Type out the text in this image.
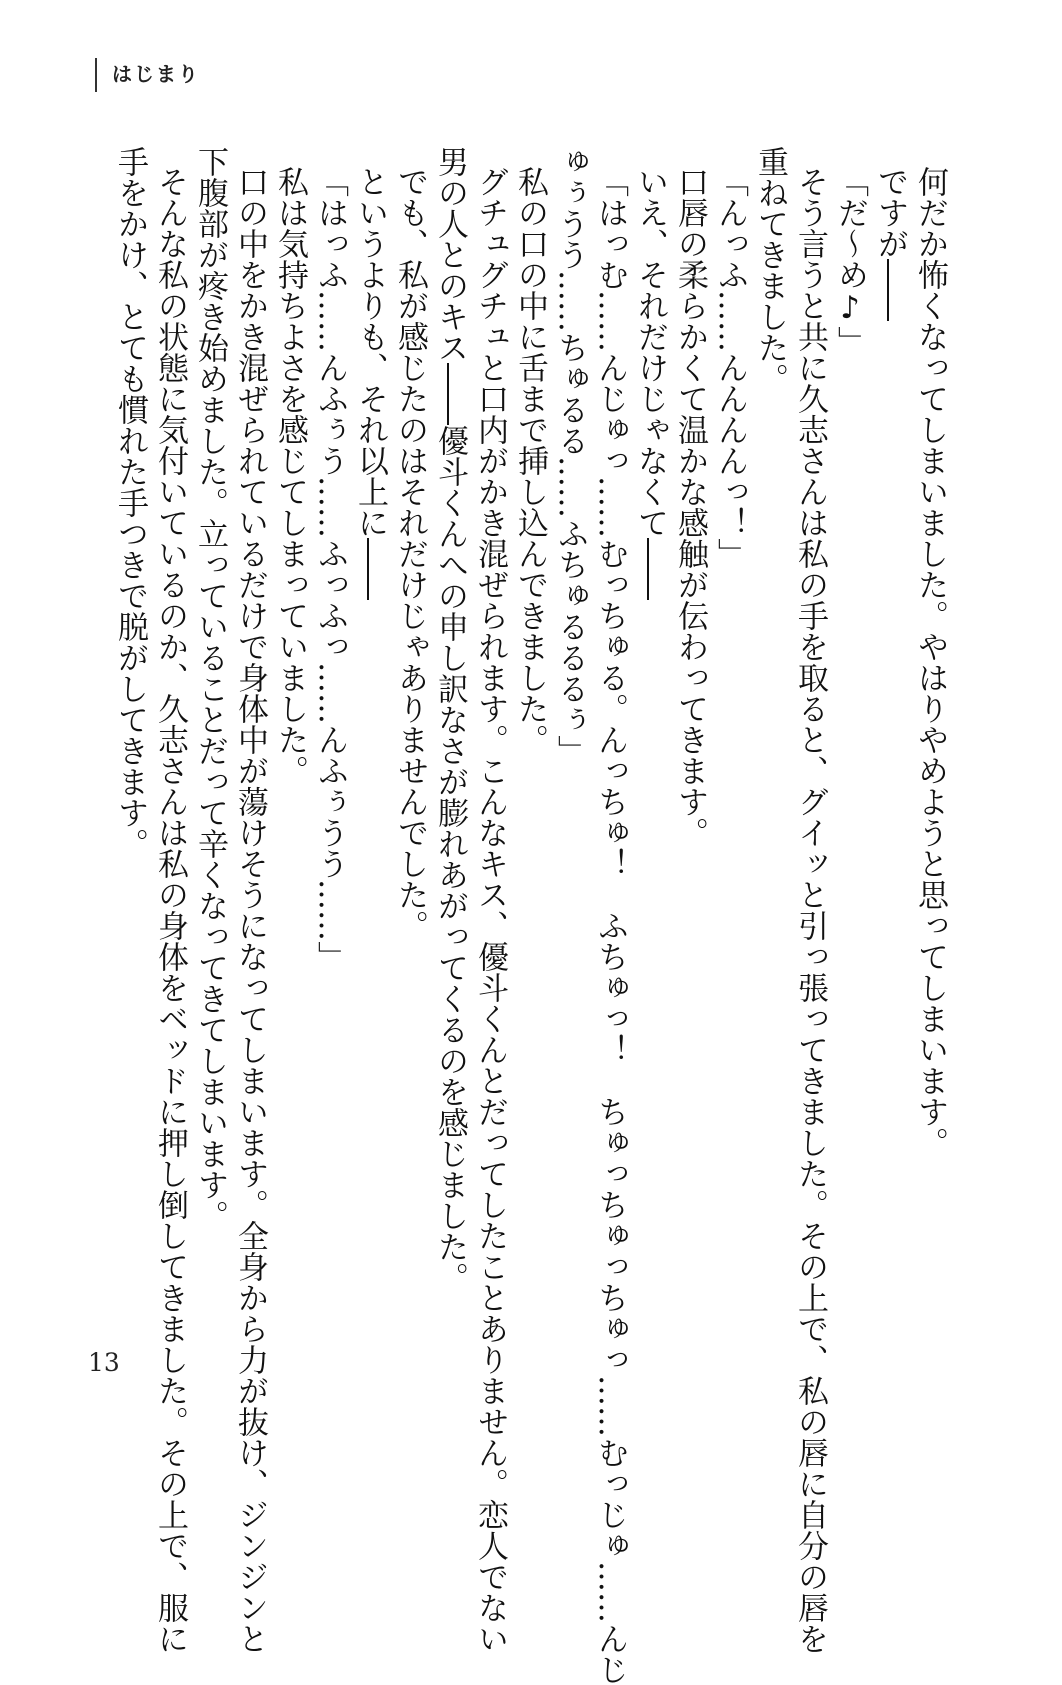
はじまり
何だか怖くなってしまいました。やはりやめようと思ってしまいます。
ですが――
「だ～め♪」
そう言うと共に久志さんは私の手を取ると、グイッと引っ張ってきました。その上で、私の唇に自分の唇を
重ねてきました。
「んっふ……んんんんっ！」
口唇の柔らかくて温かな感触が伝わってきます。
いえ、それだけじゃなくて――
「はっむ……んじゅっ……むっちゅる。んっちゅ！　ふちゅっ！　ちゅっちゅっちゅっ……むっじゅ……んじ
ゅぅうう……ちゅるる……ふちゅるるるぅ」
私の口の中に舌まで挿し込んできました。
グチュグチュと口内がかき混ぜられます。こんなキス、優斗くんとだってしたことありません。恋人でない
男の人とのキス――優斗くんへの申し訳なさが膨れあがってくるのを感じました。
でも、私が感じたのはそれだけじゃありませんでした。
というよりも、それ以上に――
「はっふ……んふぅう……ふっふっ……んふぅうう……」
私は気持ちよさを感じてしまっていました。
口の中をかき混ぜられているだけで身体中が蕩けそうになってしまいます。全身から力が抜け、ジンジンと
下腹部が疼き始めました。立っていることだって辛くなってきてしまいます。
そんな私の状態に気付いているのか、久志さんは私の身体をベッドに押し倒してきました。その上で、服に
手をかけ、とても慣れた手つきで脱がしてきます。
13
